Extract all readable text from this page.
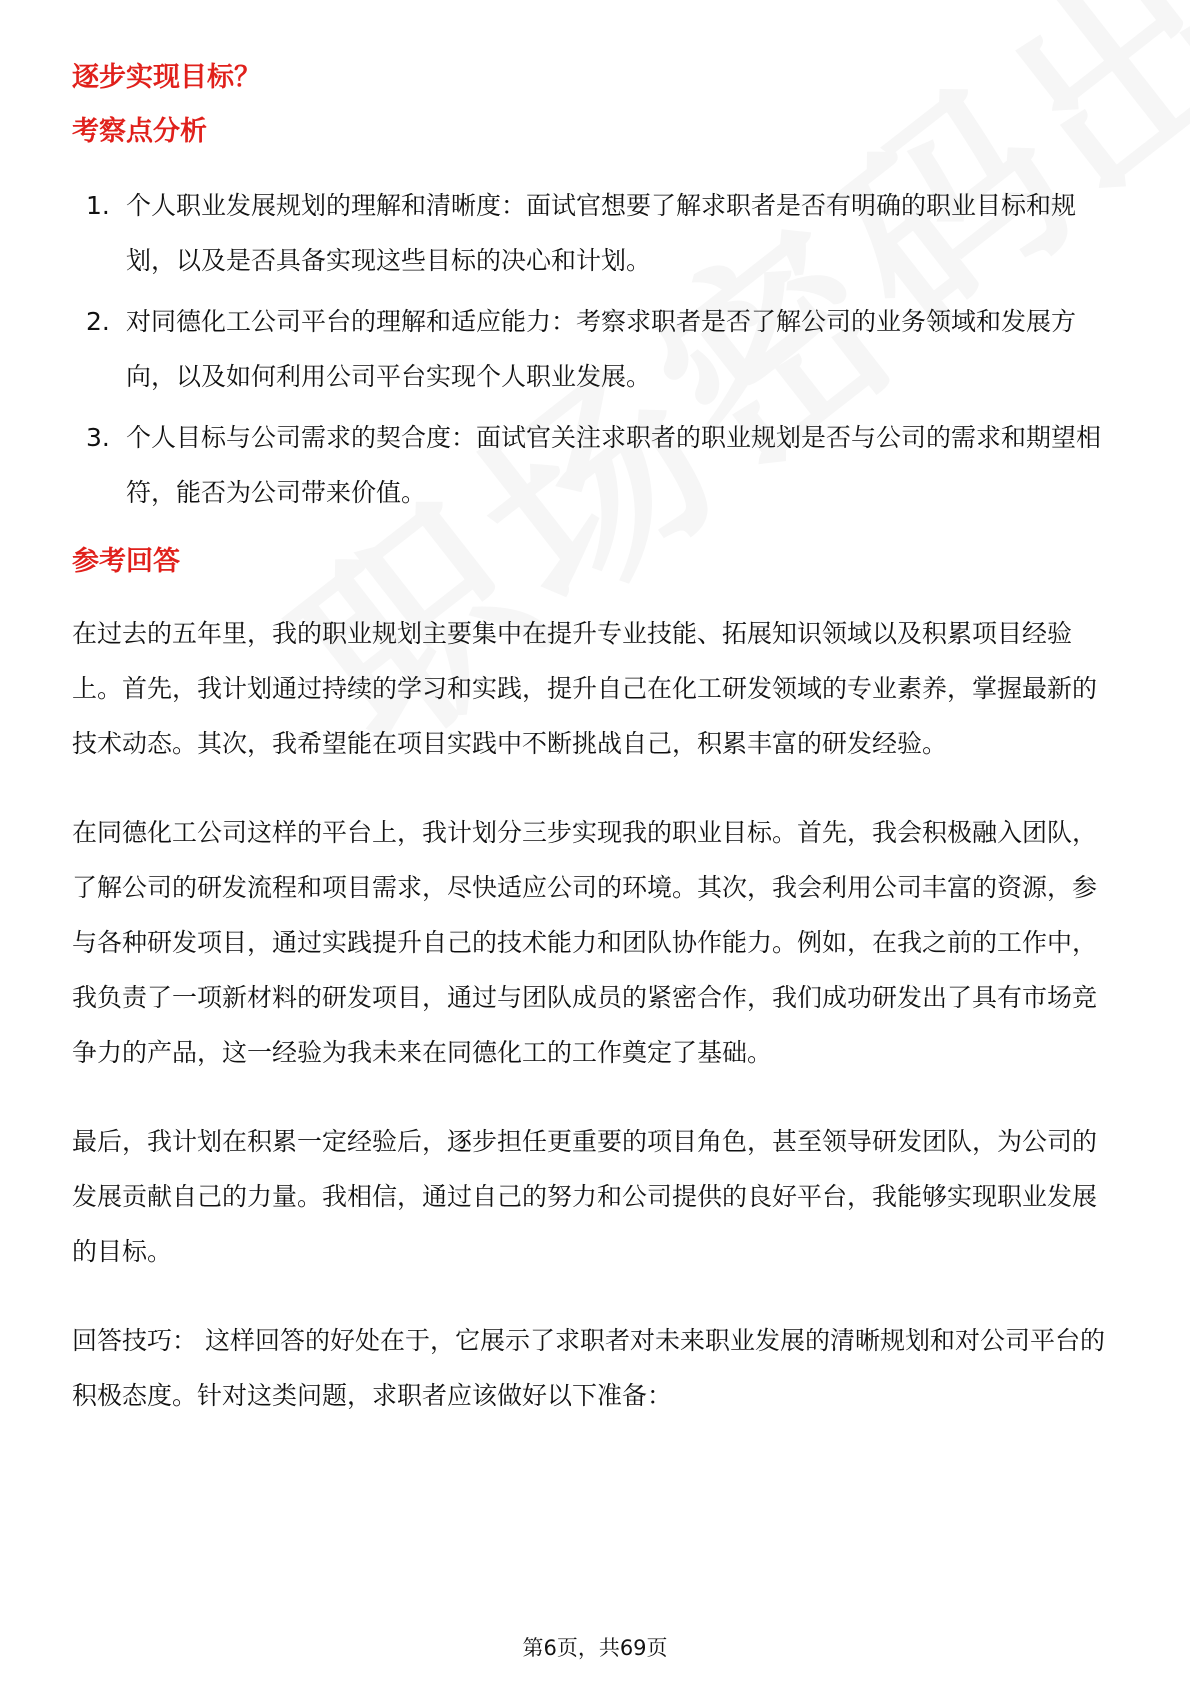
逐步实现目标？
考察点分析
1. 个人职业发展规划的理解和清晰度：面试官想要了解求职者是否有明确的职业目标和规划，以及是否具备实现这些目标的决心和计划。
2. 对同德化工公司平台的理解和适应能力：考察求职者是否了解公司的业务领域和发展方向，以及如何利用公司平台实现个人职业发展。
3. 个人目标与公司需求的契合度：面试官关注求职者的职业规划是否与公司的需求和期望相符，能否为公司带来价值。
参考回答

在过去的五年里，我的职业规划主要集中在提升专业技能、拓展知识领域以及积累项目经验上。首先，我计划通过持续的学习和实践，提升自己在化工研发领域的专业素养，掌握最新的技术动态。其次，我希望能在项目实践中不断挑战自己，积累丰富的研发经验。

在同德化工公司这样的平台上，我计划分三步实现我的职业目标。首先，我会积极融入团队，了解公司的研发流程和项目需求，尽快适应公司的环境。其次，我会利用公司丰富的资源，参与各种研发项目，通过实践提升自己的技术能力和团队协作能力。例如，在我之前的工作中，我负责了一项新材料的研发项目，通过与团队成员的紧密合作，我们成功研发出了具有市场竞争力的产品，这一经验为我未来在同德化工的工作奠定了基础。

最后，我计划在积累一定经验后，逐步担任更重要的项目角色，甚至领导研发团队，为公司的发展贡献自己的力量。我相信，通过自己的努力和公司提供的良好平台，我能够实现职业发展的目标。

回答技巧： 这样回答的好处在于，它展示了求职者对未来职业发展的清晰规划和对公司平台的积极态度。针对这类问题，求职者应该做好以下准备：

第6页，共69页
